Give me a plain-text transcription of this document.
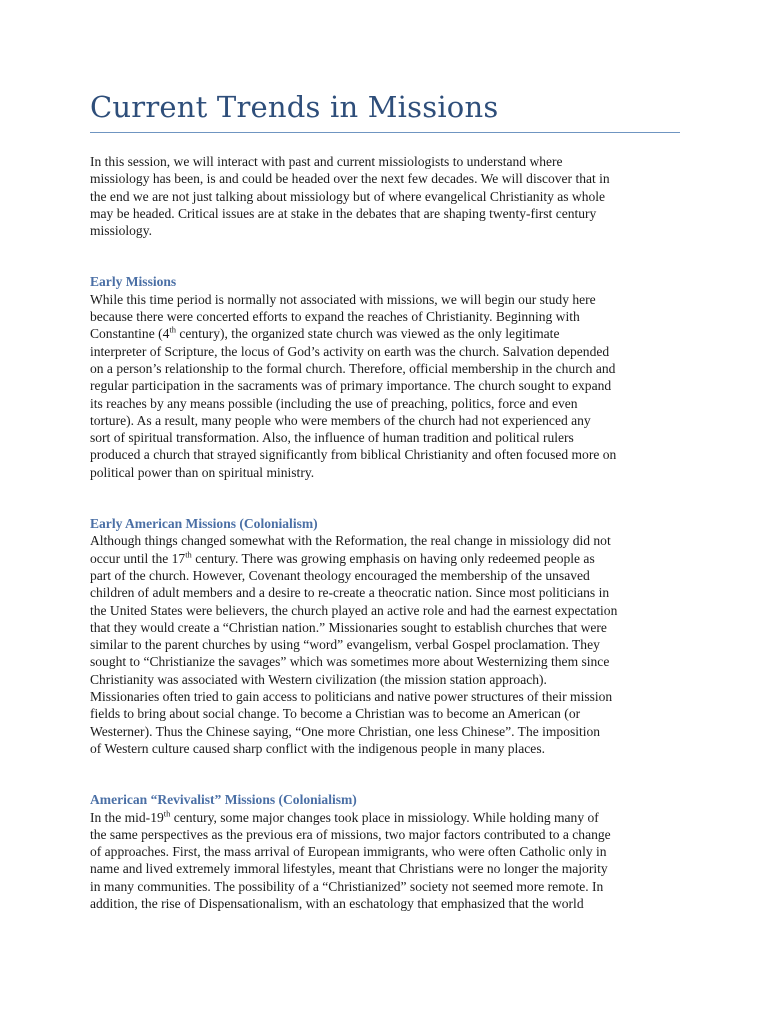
Current Trends in Missions

In this session, we will interact with past and current missiologists to understand where
missiology has been, is and could be headed over the next few decades. We will discover that in
the end we are not just talking about missiology but of where evangelical Christianity as whole
may be headed. Critical issues are at stake in the debates that are shaping twenty-first century
missiology.

Early Missions

While this time period is normally not associated with missions, we will begin our study here
because there were concerted efforts to expand the reaches of Christianity. Beginning with
Constantine (4th century), the organized state church was viewed as the only legitimate
interpreter of Scripture, the locus of God’s activity on earth was the church. Salvation depended
on a person’s relationship to the formal church. Therefore, official membership in the church and
regular participation in the sacraments was of primary importance. The church sought to expand
its reaches by any means possible (including the use of preaching, politics, force and even
torture). As a result, many people who were members of the church had not experienced any
sort of spiritual transformation. Also, the influence of human tradition and political rulers
produced a church that strayed significantly from biblical Christianity and often focused more on
political power than on spiritual ministry.

Early American Missions (Colonialism)

Although things changed somewhat with the Reformation, the real change in missiology did not
occur until the 17th century. There was growing emphasis on having only redeemed people as
part of the church. However, Covenant theology encouraged the membership of the unsaved
children of adult members and a desire to re-create a theocratic nation. Since most politicians in
the United States were believers, the church played an active role and had the earnest expectation
that they would create a “Christian nation.” Missionaries sought to establish churches that were
similar to the parent churches by using “word” evangelism, verbal Gospel proclamation. They
sought to “Christianize the savages” which was sometimes more about Westernizing them since
Christianity was associated with Western civilization (the mission station approach).
Missionaries often tried to gain access to politicians and native power structures of their mission
fields to bring about social change. To become a Christian was to become an American (or
Westerner). Thus the Chinese saying, “One more Christian, one less Chinese”. The imposition
of Western culture caused sharp conflict with the indigenous people in many places.

American “Revivalist” Missions (Colonialism)

In the mid-19th century, some major changes took place in missiology. While holding many of
the same perspectives as the previous era of missions, two major factors contributed to a change
of approaches. First, the mass arrival of European immigrants, who were often Catholic only in
name and lived extremely immoral lifestyles, meant that Christians were no longer the majority
in many communities. The possibility of a “Christianized” society not seemed more remote. In
addition, the rise of Dispensationalism, with an eschatology that emphasized that the world
